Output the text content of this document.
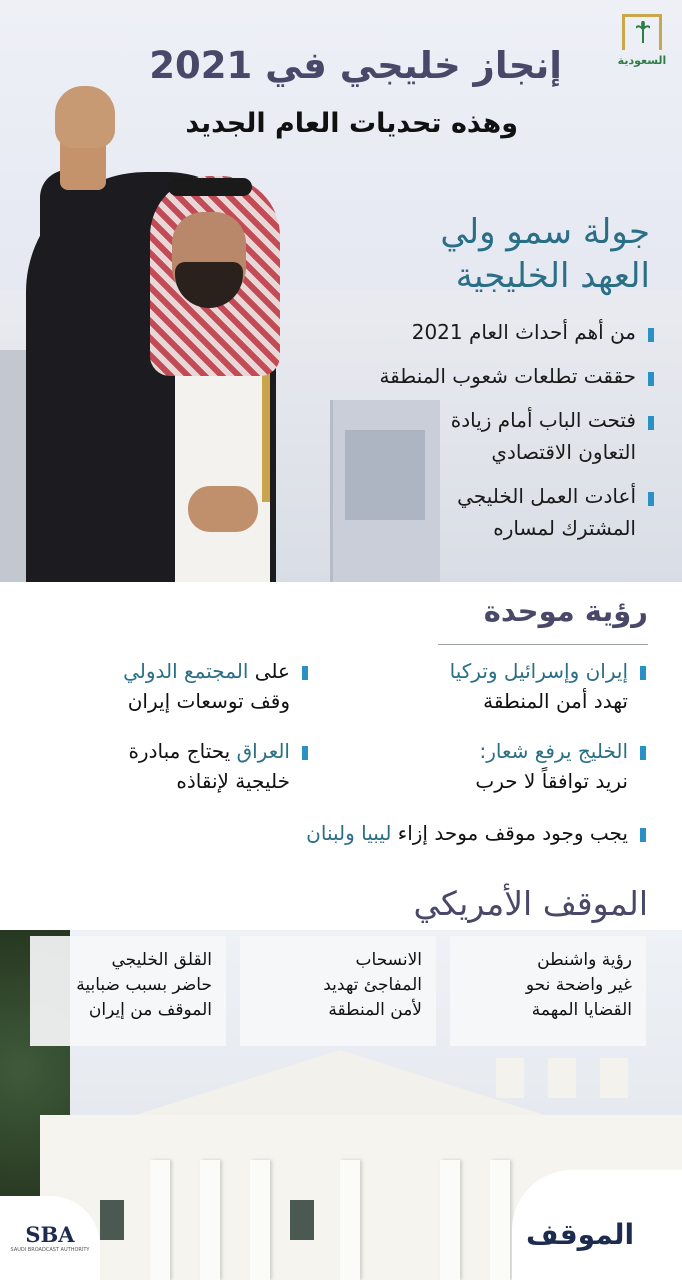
السعودية
إنجاز خليجي في 2021
وهذه تحديات العام الجديد
جولة سمو ولي
العهد الخليجية
من أهم أحداث العام 2021
حققت تطلعات شعوب المنطقة
فتحت الباب أمام زيادة
التعاون الاقتصادي
أعادت العمل الخليجي
المشترك لمساره
رؤية موحدة
إيران وإسرائيل وتركيا
تهدد أمن المنطقة
على المجتمع الدولي
وقف توسعات إيران
الخليج يرفع شعار:
نريد توافقاً لا حرب
العراق يحتاج مبادرة
خليجية لإنقاذه
يجب وجود موقف موحد إزاء ليبيا ولبنان
الموقف الأمريكي
رؤية واشنطن
غير واضحة نحو
القضايا المهمة
الانسحاب
المفاجئ تهديد
لأمن المنطقة
القلق الخليجي
حاضر بسبب ضبابية
الموقف من إيران
SBA
SAUDI BROADCAST AUTHORITY	الموقف
